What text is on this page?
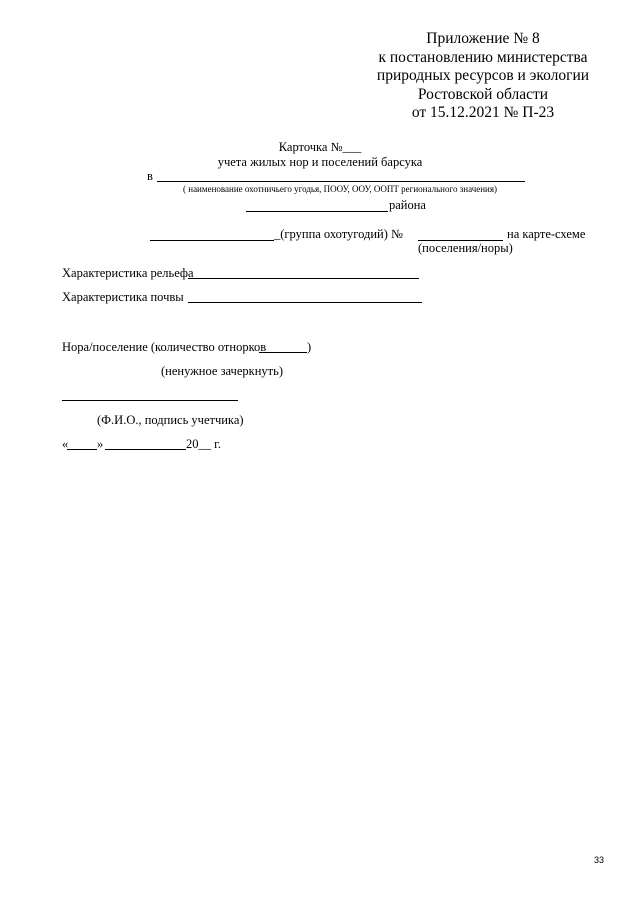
Приложение № 8
к постановлению министерства
природных ресурсов и экологии
Ростовской области
от 15.12.2021 № П-23
Карточка №___
учета жилых нор и поселений барсука
в
( наименование охотничьего угодья, ПООУ, ООУ, ООПТ регионального значения)
района
_(группа охотугодий) №	на карте-схеме
(поселения/норы)
Характеристика рельефа
Характеристика почвы
Нора/поселение (количество отнорков	)
(ненужное зачеркнуть)
(Ф.И.О., подпись учетчика)
« »	20__ г.
33
